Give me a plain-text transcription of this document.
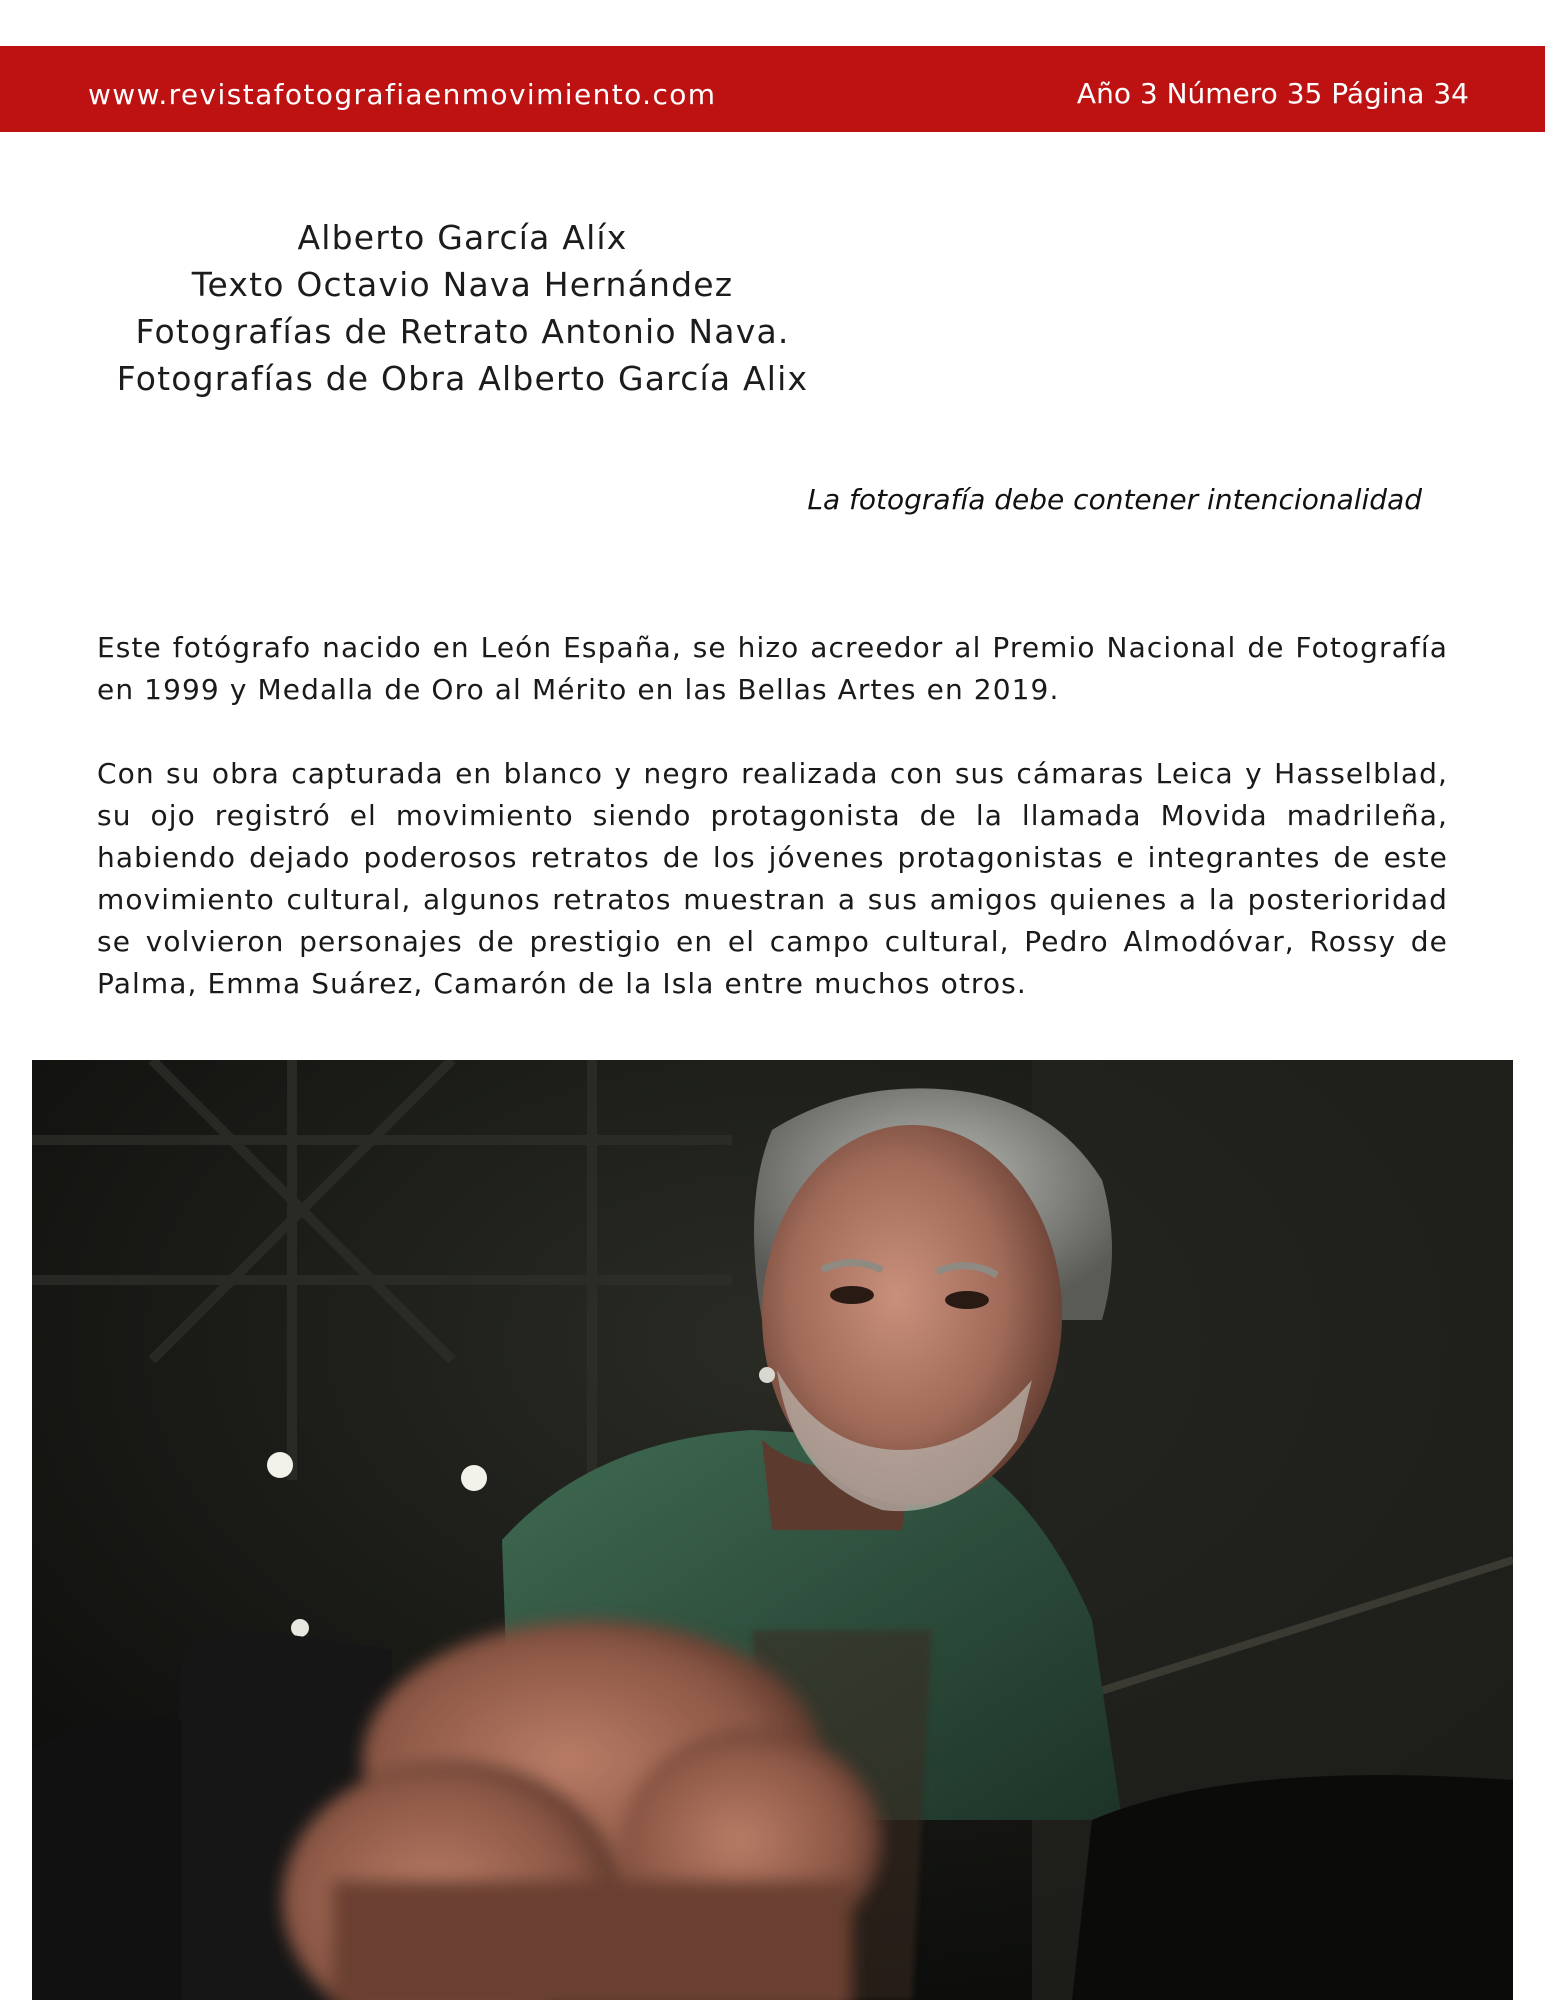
www.revistafotografiaenmovimiento.com	Año 3 Número 35 Página 34
Alberto García Alíx
Texto Octavio Nava Hernández
Fotografías de Retrato Antonio Nava.
Fotografías de Obra Alberto García Alix
La fotografía debe contener intencionalidad

Este fotógrafo nacido en León España, se hizo acreedor al Premio Nacional de Fotografía en 1999 y Medalla de Oro al Mérito en las Bellas Artes en 2019.

Con su obra capturada en blanco y negro realizada con sus cámaras Leica y Hasselblad, su ojo registró el movimiento siendo protagonista de la llamada Movida madrileña, habiendo dejado poderosos retratos de los jóvenes protagonistas e integrantes de este movimiento cultural, algunos retratos muestran a sus amigos quienes a la posterioridad se volvieron personajes de prestigio en el campo cultural, Pedro Almodóvar, Rossy de Palma, Emma Suárez, Camarón de la Isla entre muchos otros.
